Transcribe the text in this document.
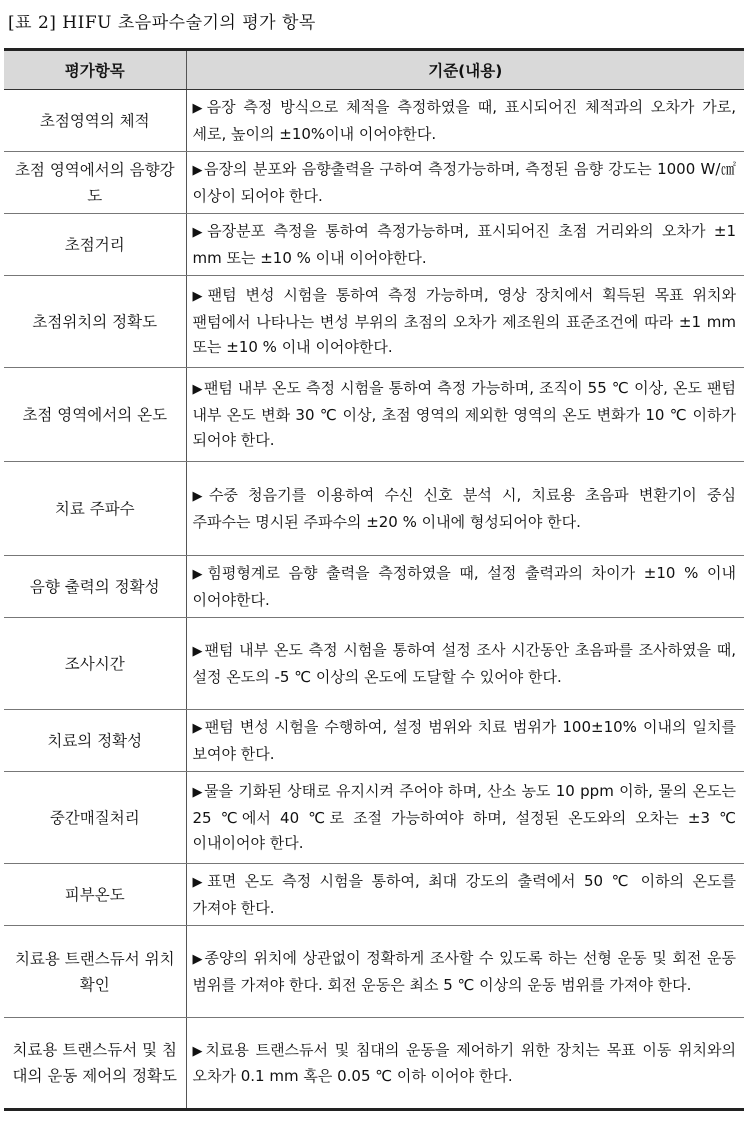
[표 2] HIFU 초음파수술기의 평가 항목
평가항목	기준(내용)
초점영역의 체적	▶음장 측정 방식으로 체적을 측정하였을 때, 표시되어진 체적과의 오차가 가로, 세로, 높이의 ±10%이내 이어야한다.
초점 영역에서의 음향강도	▶음장의 분포와 음향출력을 구하여 측정가능하며, 측정된 음향 강도는 1000 W/㎠ 이상이 되어야 한다.
초점거리	▶음장분포 측정을 통하여 측정가능하며, 표시되어진 초점 거리와의 오차가 ±1 mm 또는 ±10 % 이내 이어야한다.
초점위치의 정확도	▶팬텀 변성 시험을 통하여 측정 가능하며, 영상 장치에서 획득된 목표 위치와 팬텀에서 나타나는 변성 부위의 초점의 오차가 제조원의 표준조건에 따라 ±1 mm 또는 ±10 % 이내 이어야한다.
초점 영역에서의 온도	▶팬텀 내부 온도 측정 시험을 통하여 측정 가능하며, 조직이 55 ℃ 이상, 온도 팬텀 내부 온도 변화 30 ℃ 이상, 초점 영역의 제외한 영역의 온도 변화가 10 ℃ 이하가 되어야 한다.
치료 주파수	▶수중 청음기를 이용하여 수신 신호 분석 시, 치료용 초음파 변환기이 중심 주파수는 명시된 주파수의 ±20 % 이내에 형성되어야 한다.
음향 출력의 정확성	▶힘평형계로 음향 출력을 측정하였을 때, 설정 출력과의 차이가 ±10 % 이내 이어야한다.
조사시간	▶팬텀 내부 온도 측정 시험을 통하여 설정 조사 시간동안 초음파를 조사하였을 때, 설정 온도의 -5 ℃ 이상의 온도에 도달할 수 있어야 한다.
치료의 정확성	▶팬텀 변성 시험을 수행하여, 설정 범위와 치료 범위가 100±10% 이내의 일치를 보여야 한다.
중간매질처리	▶물을 기화된 상태로 유지시켜 주어야 하며, 산소 농도 10 ppm 이하, 물의 온도는 25 ℃에서 40 ℃로 조절 가능하여야 하며, 설정된 온도와의 오차는 ±3 ℃ 이내이어야 한다.
피부온도	▶표면 온도 측정 시험을 통하여, 최대 강도의 출력에서 50 ℃ 이하의 온도를 가져야 한다.
치료용 트랜스듀서 위치확인	▶종양의 위치에 상관없이 정확하게 조사할 수 있도록 하는 선형 운동 및 회전 운동 범위를 가져야 한다. 회전 운동은 최소 5 ℃ 이상의 운동 범위를 가져야 한다.
치료용 트랜스듀서 및 침대의 운동 제어의 정확도	▶치료용 트랜스듀서 및 침대의 운동을 제어하기 위한 장치는 목표 이동 위치와의 오차가 0.1 mm 혹은 0.05 ℃ 이하 이어야 한다.
